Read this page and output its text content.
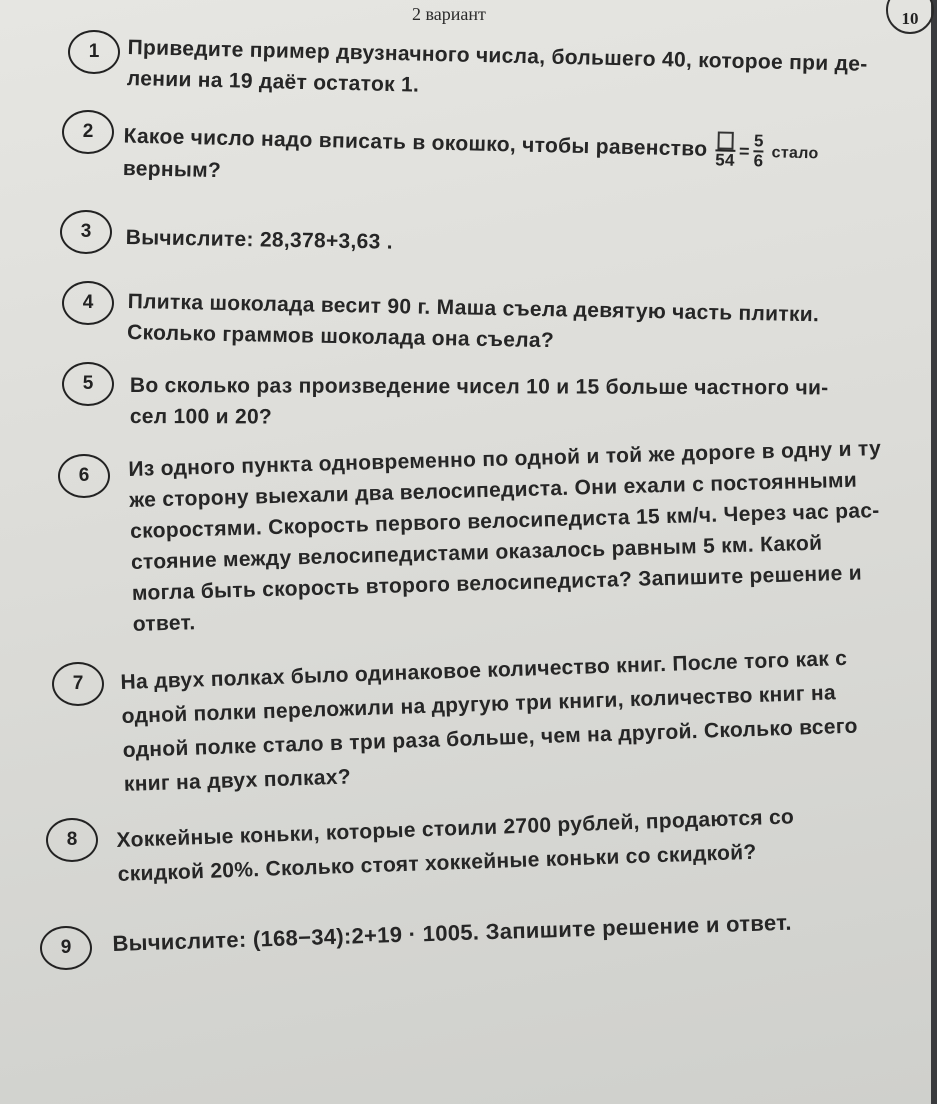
2 вариант	10
1	Приведите пример двузначного числа, большего 40, которое при де-
лении на 19 даёт остаток 1.
2	Какое число надо вписать в окошко, чтобы равенство $54 = \frac{5}{6}$ стало
верным?
3	Вычислите: 28,378+3,63 .
4	Плитка шоколада весит 90 г. Маша съела девятую часть плитки.
Сколько граммов шоколада она съела?
5	Во сколько раз произведение чисел 10 и 15 больше частного чи-
сел 100 и 20?
6	Из одного пункта одновременно по одной и той же дороге в одну и ту
же сторону выехали два велосипедиста. Они ехали с постоянными
скоростями. Скорость первого велосипедиста 15 км/ч. Через час рас-
стояние между велосипедистами оказалось равным 5 км. Какой
могла быть скорость второго велосипедиста? Запишите решение и
ответ.
7	На двух полках было одинаковое количество книг. После того как с
одной полки переложили на другую три книги, количество книг на
одной полке стало в три раза больше, чем на другой. Сколько всего
книг на двух полках?
8	Хоккейные коньки, которые стоили 2700 рублей, продаются со
скидкой 20%. Сколько стоят хоккейные коньки со скидкой?
9	Вычислите: (168−34):2+19 · 1005. Запишите решение и ответ.
